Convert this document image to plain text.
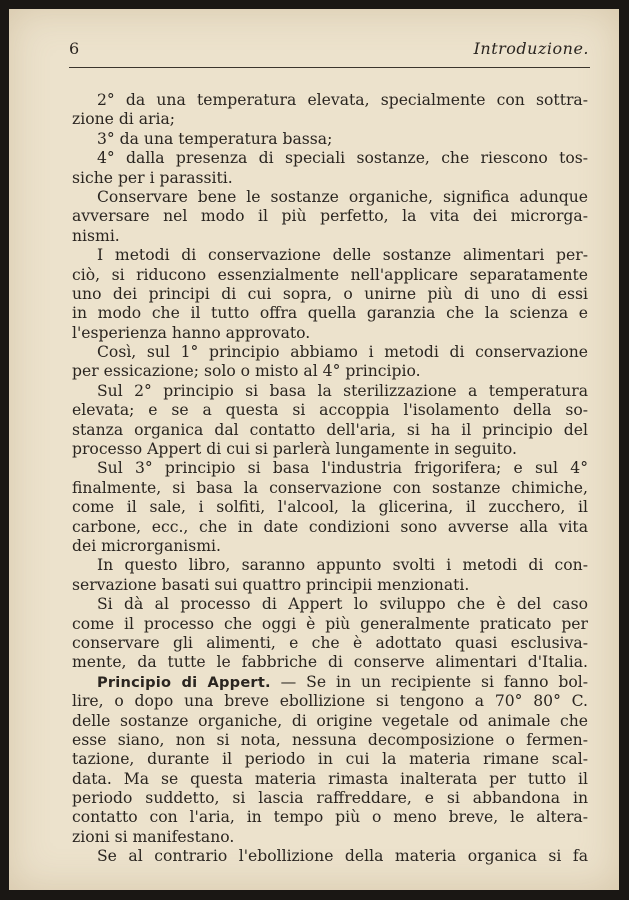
6	Introduzione.
2° da una temperatura elevata, specialmente con sottra-
zione di aria;
3° da una temperatura bassa;
4° dalla presenza di speciali sostanze, che riescono tos-
siche per i parassiti.
Conservare bene le sostanze organiche, significa adunque
avversare nel modo il più perfetto, la vita dei microrga-
nismi.
I metodi di conservazione delle sostanze alimentari per-
ciò, si riducono essenzialmente nell'applicare separatamente
uno dei principi di cui sopra, o unirne più di uno di essi
in modo che il tutto offra quella garanzia che la scienza e
l'esperienza hanno approvato.
Così, sul 1° principio abbiamo i metodi di conservazione
per essicazione; solo o misto al 4° principio.
Sul 2° principio si basa la sterilizzazione a temperatura
elevata; e se a questa si accoppia l'isolamento della so-
stanza organica dal contatto dell'aria, si ha il principio del
processo Appert di cui si parlerà lungamente in seguito.
Sul 3° principio si basa l'industria frigorifera; e sul 4°
finalmente, si basa la conservazione con sostanze chimiche,
come il sale, i solfiti, l'alcool, la glicerina, il zucchero, il
carbone, ecc., che in date condizioni sono avverse alla vita
dei microrganismi.
In questo libro, saranno appunto svolti i metodi di con-
servazione basati sui quattro principii menzionati.
Si dà al processo di Appert lo sviluppo che è del caso
come il processo che oggi è più generalmente praticato per
conservare gli alimenti, e che è adottato quasi esclusiva-
mente, da tutte le fabbriche di conserve alimentari d'Italia.
Principio di Appert. — Se in un recipiente si fanno bol-
lire, o dopo una breve ebollizione si tengono a 70° 80° C.
delle sostanze organiche, di origine vegetale od animale che
esse siano, non si nota, nessuna decomposizione o fermen-
tazione, durante il periodo in cui la materia rimane scal-
data. Ma se questa materia rimasta inalterata per tutto il
periodo suddetto, si lascia raffreddare, e si abbandona in
contatto con l'aria, in tempo più o meno breve, le altera-
zioni si manifestano.
Se al contrario l'ebollizione della materia organica si fa
